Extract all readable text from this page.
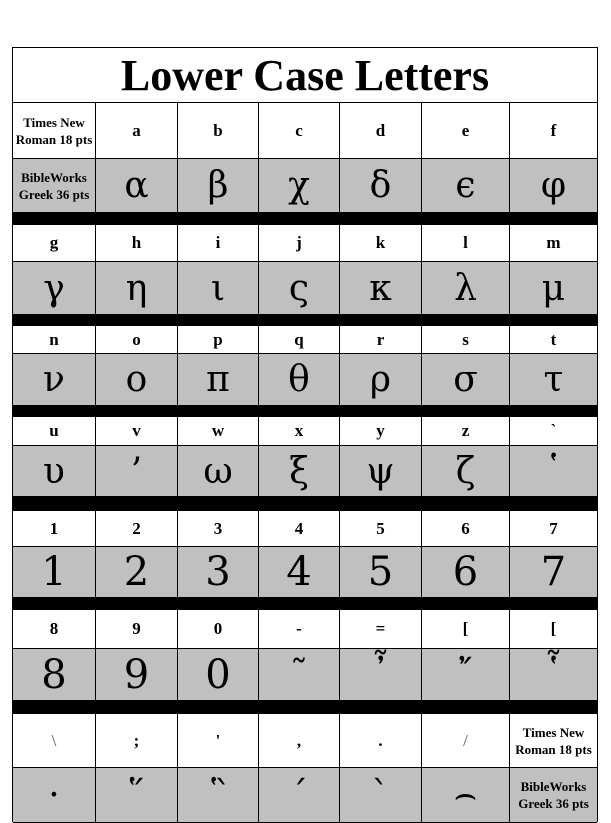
Lower Case Letters
Times New Roman 18 pts	a	b	c	d	e	f
BibleWorks Greek 36 pts α	β	χ	δ	ϵ	φ
g	h	i	j	k	l	m
γ	η	ι	ς	κ	λ	μ
n	o	p	q	r	s	t
ν	ο	π	θ	ρ	σ	τ
u	v	w	x	y	z	`
υ	’	ω	ξ	ψ	ζ	῾
1	2	3	4	5	6	7
1	2	3	4	5	6	7
8	9	0	-	=	[	[
8	9	0	῀	῏	῎	῟
\	;	'	,	.	/	Times New Roman 18 pts
·	῞	῝	´	`	⌢	BibleWorks Greek 36 pts
